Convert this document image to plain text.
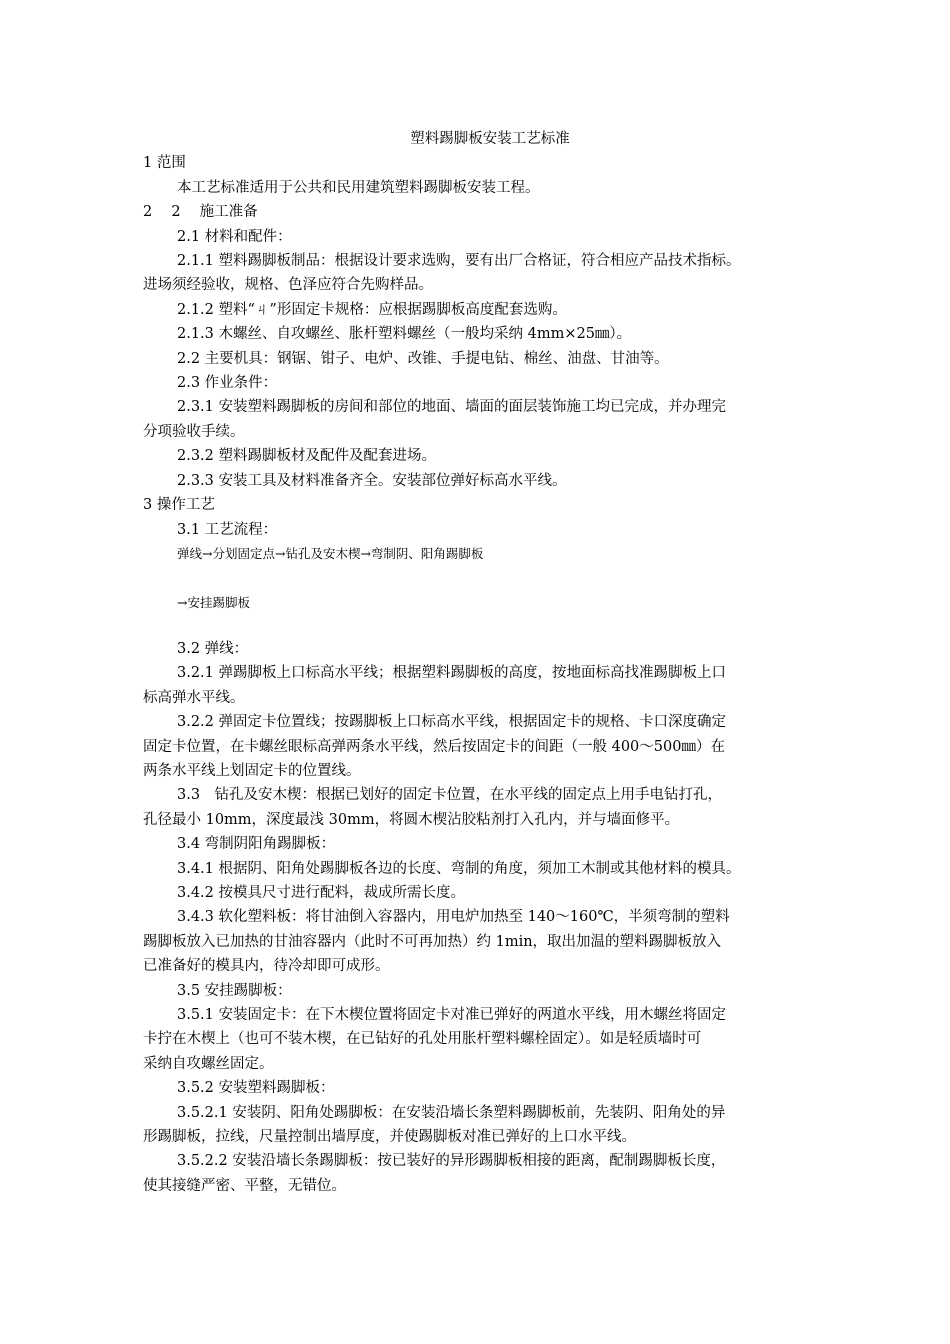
塑料踢脚板安装工艺标准

1 范围

本工艺标准适用于公共和民用建筑塑料踢脚板安装工程。

2　 2　 施工准备

2.1 材料和配件：

2.1.1 塑料踢脚板制品：根据设计要求选购，要有出厂合格证，符合相应产品技术指标。

进场须经验收，规格、色泽应符合先购样品。

2.1.2 塑料“ㄐ”形固定卡规格：应根据踢脚板高度配套选购。

2.1.3 木螺丝、自攻螺丝、胀杆塑料螺丝（一般均采纳 4mm×25㎜）。

2.2 主要机具：钢锯、钳子、电炉、改锥、手提电钻、棉丝、油盘、甘油等。

2.3 作业条件：

2.3.1 安装塑料踢脚板的房间和部位的地面、墙面的面层装饰施工均已完成，并办理完

分项验收手续。

2.3.2 塑料踢脚板材及配件及配套进场。

2.3.3 安装工具及材料准备齐全。安装部位弹好标高水平线。

3 操作工艺

3.1 工艺流程：

弹线→分划固定点→钻孔及安木楔→弯制阴、阳角踢脚板

→安挂踢脚板

3.2 弹线：

3.2.1 弹踢脚板上口标高水平线；根据塑料踢脚板的高度，按地面标高找准踢脚板上口

标高弹水平线。

3.2.2 弹固定卡位置线；按踢脚板上口标高水平线，根据固定卡的规格、卡口深度确定

固定卡位置，在卡螺丝眼标高弹两条水平线，然后按固定卡的间距（一般 400～500㎜）在

两条水平线上划固定卡的位置线。

3.3　钻孔及安木楔：根据已划好的固定卡位置，在水平线的固定点上用手电钻打孔，

孔径最小 10mm，深度最浅 30mm，将圆木楔沾胶粘剂打入孔内，并与墙面修平。

3.4 弯制阴阳角踢脚板：

3.4.1 根据阴、阳角处踢脚板各边的长度、弯制的角度，须加工木制或其他材料的模具。

3.4.2 按模具尺寸进行配料，裁成所需长度。

3.4.3 软化塑料板：将甘油倒入容器内，用电炉加热至 140～160℃，半须弯制的塑料

踢脚板放入已加热的甘油容器内（此时不可再加热）约 1min，取出加温的塑料踢脚板放入

已准备好的模具内，待冷却即可成形。

3.5 安挂踢脚板：

3.5.1 安装固定卡：在下木楔位置将固定卡对准已弹好的两道水平线，用木螺丝将固定

卡拧在木楔上（也可不装木楔，在已钻好的孔处用胀杆塑料螺栓固定）。如是轻质墙时可

采纳自攻螺丝固定。

3.5.2 安装塑料踢脚板：

3.5.2.1 安装阴、阳角处踢脚板：在安装沿墙长条塑料踢脚板前，先装阴、阳角处的异

形踢脚板，拉线，尺量控制出墙厚度，并使踢脚板对准已弹好的上口水平线。

3.5.2.2 安装沿墙长条踢脚板：按已装好的异形踢脚板相接的距离，配制踢脚板长度，

使其接缝严密、平整，无错位。
